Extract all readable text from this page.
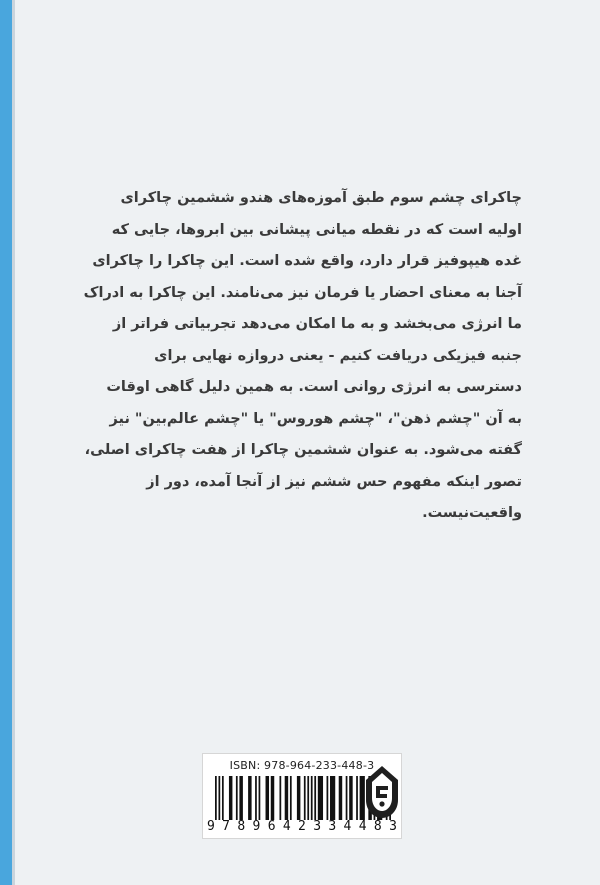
چاکرای چشم سوم طبق آموزه‌های هندو ششمین چاکرای
اولیه است که در نقطه میانی پیشانی بین ابروها، جایی که
غده هیپوفیز قرار دارد، واقع شده است. این چاکرا را چاکرای
آجنا به معنای احضار یا فرمان نیز می‌نامند. این چاکرا به ادراک
ما انرژی می‌بخشد و به ما امکان می‌دهد تجربیاتی فراتر از
جنبه فیزیکی دریافت کنیم - یعنی دروازه نهایی برای
دسترسی به انرژی روانی است. به همین دلیل گاهی اوقات
به آن "چشم ذهن"، "چشم هوروس" یا "چشم عالم‌بین" نیز
گفته می‌شود. به عنوان ششمین چاکرا از هفت چاکرای اصلی،
تصور اینکه مفهوم حس ششم نیز از آنجا آمده، دور از
واقعیت‌نیست.
ISBN: 978-964-233-448-3
9 7 8 9 6 4 2 3 3 4 4 8 3
